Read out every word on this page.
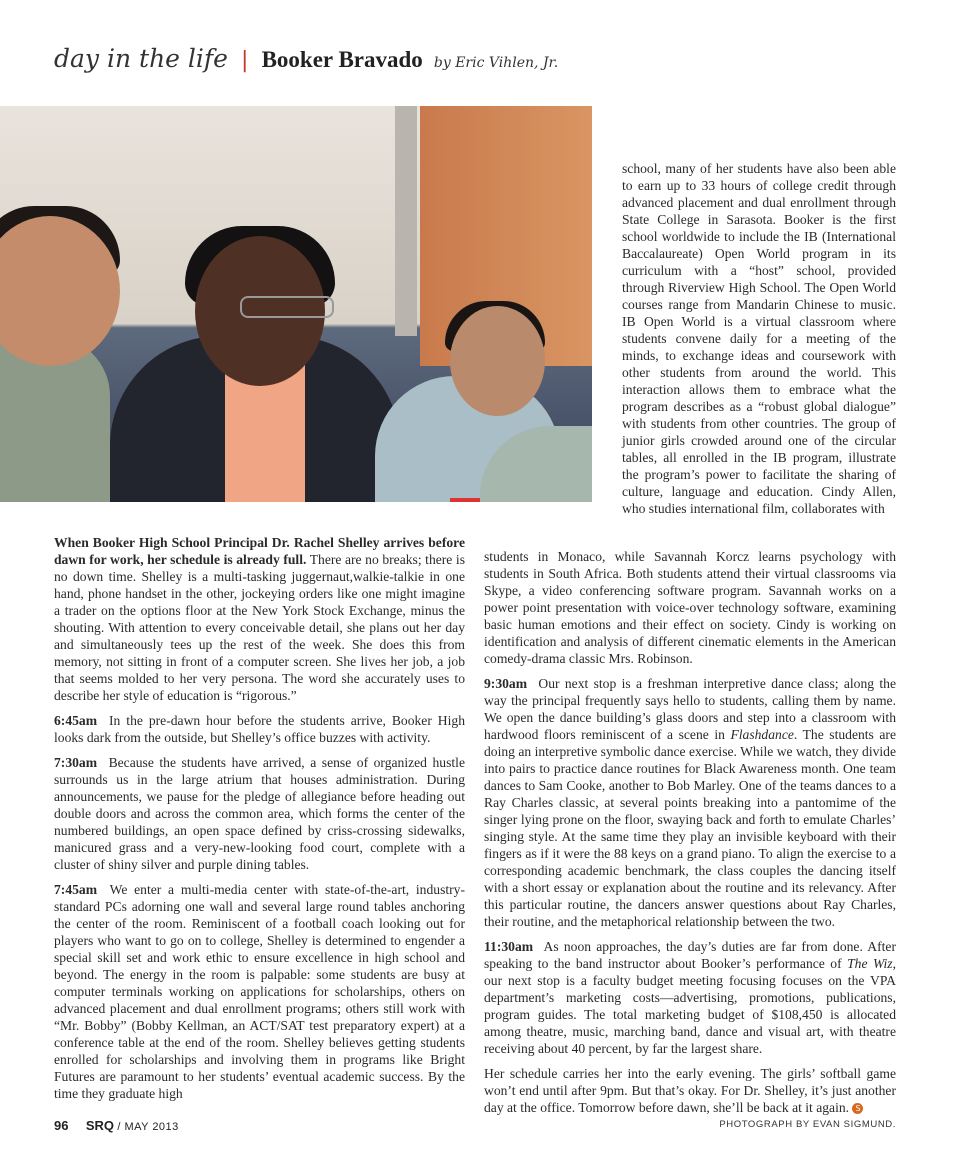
day in the life | Booker Bravado by Eric Vihlen, Jr.

When Booker High School Principal Dr. Rachel Shelley arrives before dawn for work, her schedule is already full. There are no breaks; there is no down time. Shelley is a multi-tasking juggernaut,walkie-talkie in one hand, phone handset in the other, jockeying orders like one might imagine a trader on the options floor at the New York Stock Exchange, minus the shouting. With attention to every conceivable detail, she plans out her day and simultaneously tees up the rest of the week. She does this from memory, not sitting in front of a computer screen. She lives her job, a job that seems molded to her very persona. The word she accurately uses to describe her style of education is “rigorous.”

6:45am In the pre-dawn hour before the students arrive, Booker High looks dark from the outside, but Shelley’s office buzzes with activity.

7:30am Because the students have arrived, a sense of organized hustle surrounds us in the large atrium that houses administration. During announcements, we pause for the pledge of allegiance before heading out double doors and across the common area, which forms the center of the numbered buildings, an open space defined by criss-crossing sidewalks, manicured grass and a very-new-looking food court, complete with a cluster of shiny silver and purple dining tables.

7:45am We enter a multi-media center with state-of-the-art, industry-standard PCs adorning one wall and several large round tables anchoring the center of the room. Reminiscent of a football coach looking out for players who want to go on to college, Shelley is determined to engender a special skill set and work ethic to ensure excellence in high school and beyond. The energy in the room is palpable: some students are busy at computer terminals working on applications for scholarships, others on advanced placement and dual enrollment programs; others still work with “Mr. Bobby” (Bobby Kellman, an ACT/SAT test preparatory expert) at a conference table at the end of the room. Shelley believes getting students enrolled for scholarships and involving them in programs like Bright Futures are paramount to her students’ eventual academic success. By the time they graduate high

school, many of her students have also been able to earn up to 33 hours of college credit through advanced placement and dual enrollment through State College in Sarasota. Booker is the first school worldwide to include the IB (International Baccalaureate) Open World program in its curriculum with a “host” school, provided through Riverview High School. The Open World courses range from Mandarin Chinese to music. IB Open World is a virtual classroom where students convene daily for a meeting of the minds, to exchange ideas and coursework with other students from around the world. This interaction allows them to embrace what the program describes as a “robust global dialogue” with students from other countries. The group of junior girls crowded around one of the circular tables, all enrolled in the IB program, illustrate the program’s power to facilitate the sharing of culture, language and education. Cindy Allen, who studies international film, collaborates with

students in Monaco, while Savannah Korcz learns psychology with students in South Africa. Both students attend their virtual classrooms via Skype, a video conferencing software program. Savannah works on a power point presentation with voice-over technology software, examining basic human emotions and their effect on society. Cindy is working on identification and analysis of different cinematic elements in the American comedy-drama classic Mrs. Robinson.

9:30am Our next stop is a freshman interpretive dance class; along the way the principal frequently says hello to students, calling them by name. We open the dance building’s glass doors and step into a classroom with hardwood floors reminiscent of a scene in Flashdance. The students are doing an interpretive symbolic dance exercise. While we watch, they divide into pairs to practice dance routines for Black Awareness month. One team dances to Sam Cooke, another to Bob Marley. One of the teams dances to a Ray Charles classic, at several points breaking into a pantomime of the singer lying prone on the floor, swaying back and forth to emulate Charles’ singing style. At the same time they play an invisible keyboard with their fingers as if it were the 88 keys on a grand piano. To align the exercise to a corresponding academic benchmark, the class couples the dancing itself with a short essay or explanation about the routine and its relevancy. After this particular routine, the dancers answer questions about Ray Charles, their routine, and the metaphorical relationship between the two.

11:30am As noon approaches, the day’s duties are far from done. After speaking to the band instructor about Booker’s performance of The Wiz, our next stop is a faculty budget meeting focusing focuses on the VPA department’s marketing costs—advertising, promotions, publications, program guides. The total marketing budget of $108,450 is allocated among theatre, music, marching band, dance and visual art, with theatre receiving about 40 percent, by far the largest share.

Her schedule carries her into the early evening. The girls’ softball game won’t end until after 9pm. But that’s okay. For Dr. Shelley, it’s just another day at the office. Tomorrow before dawn, she’ll be back at it again. S

96 SRQ / MAY 2013	PHOTOGRAPH BY EVAN SIGMUND.
